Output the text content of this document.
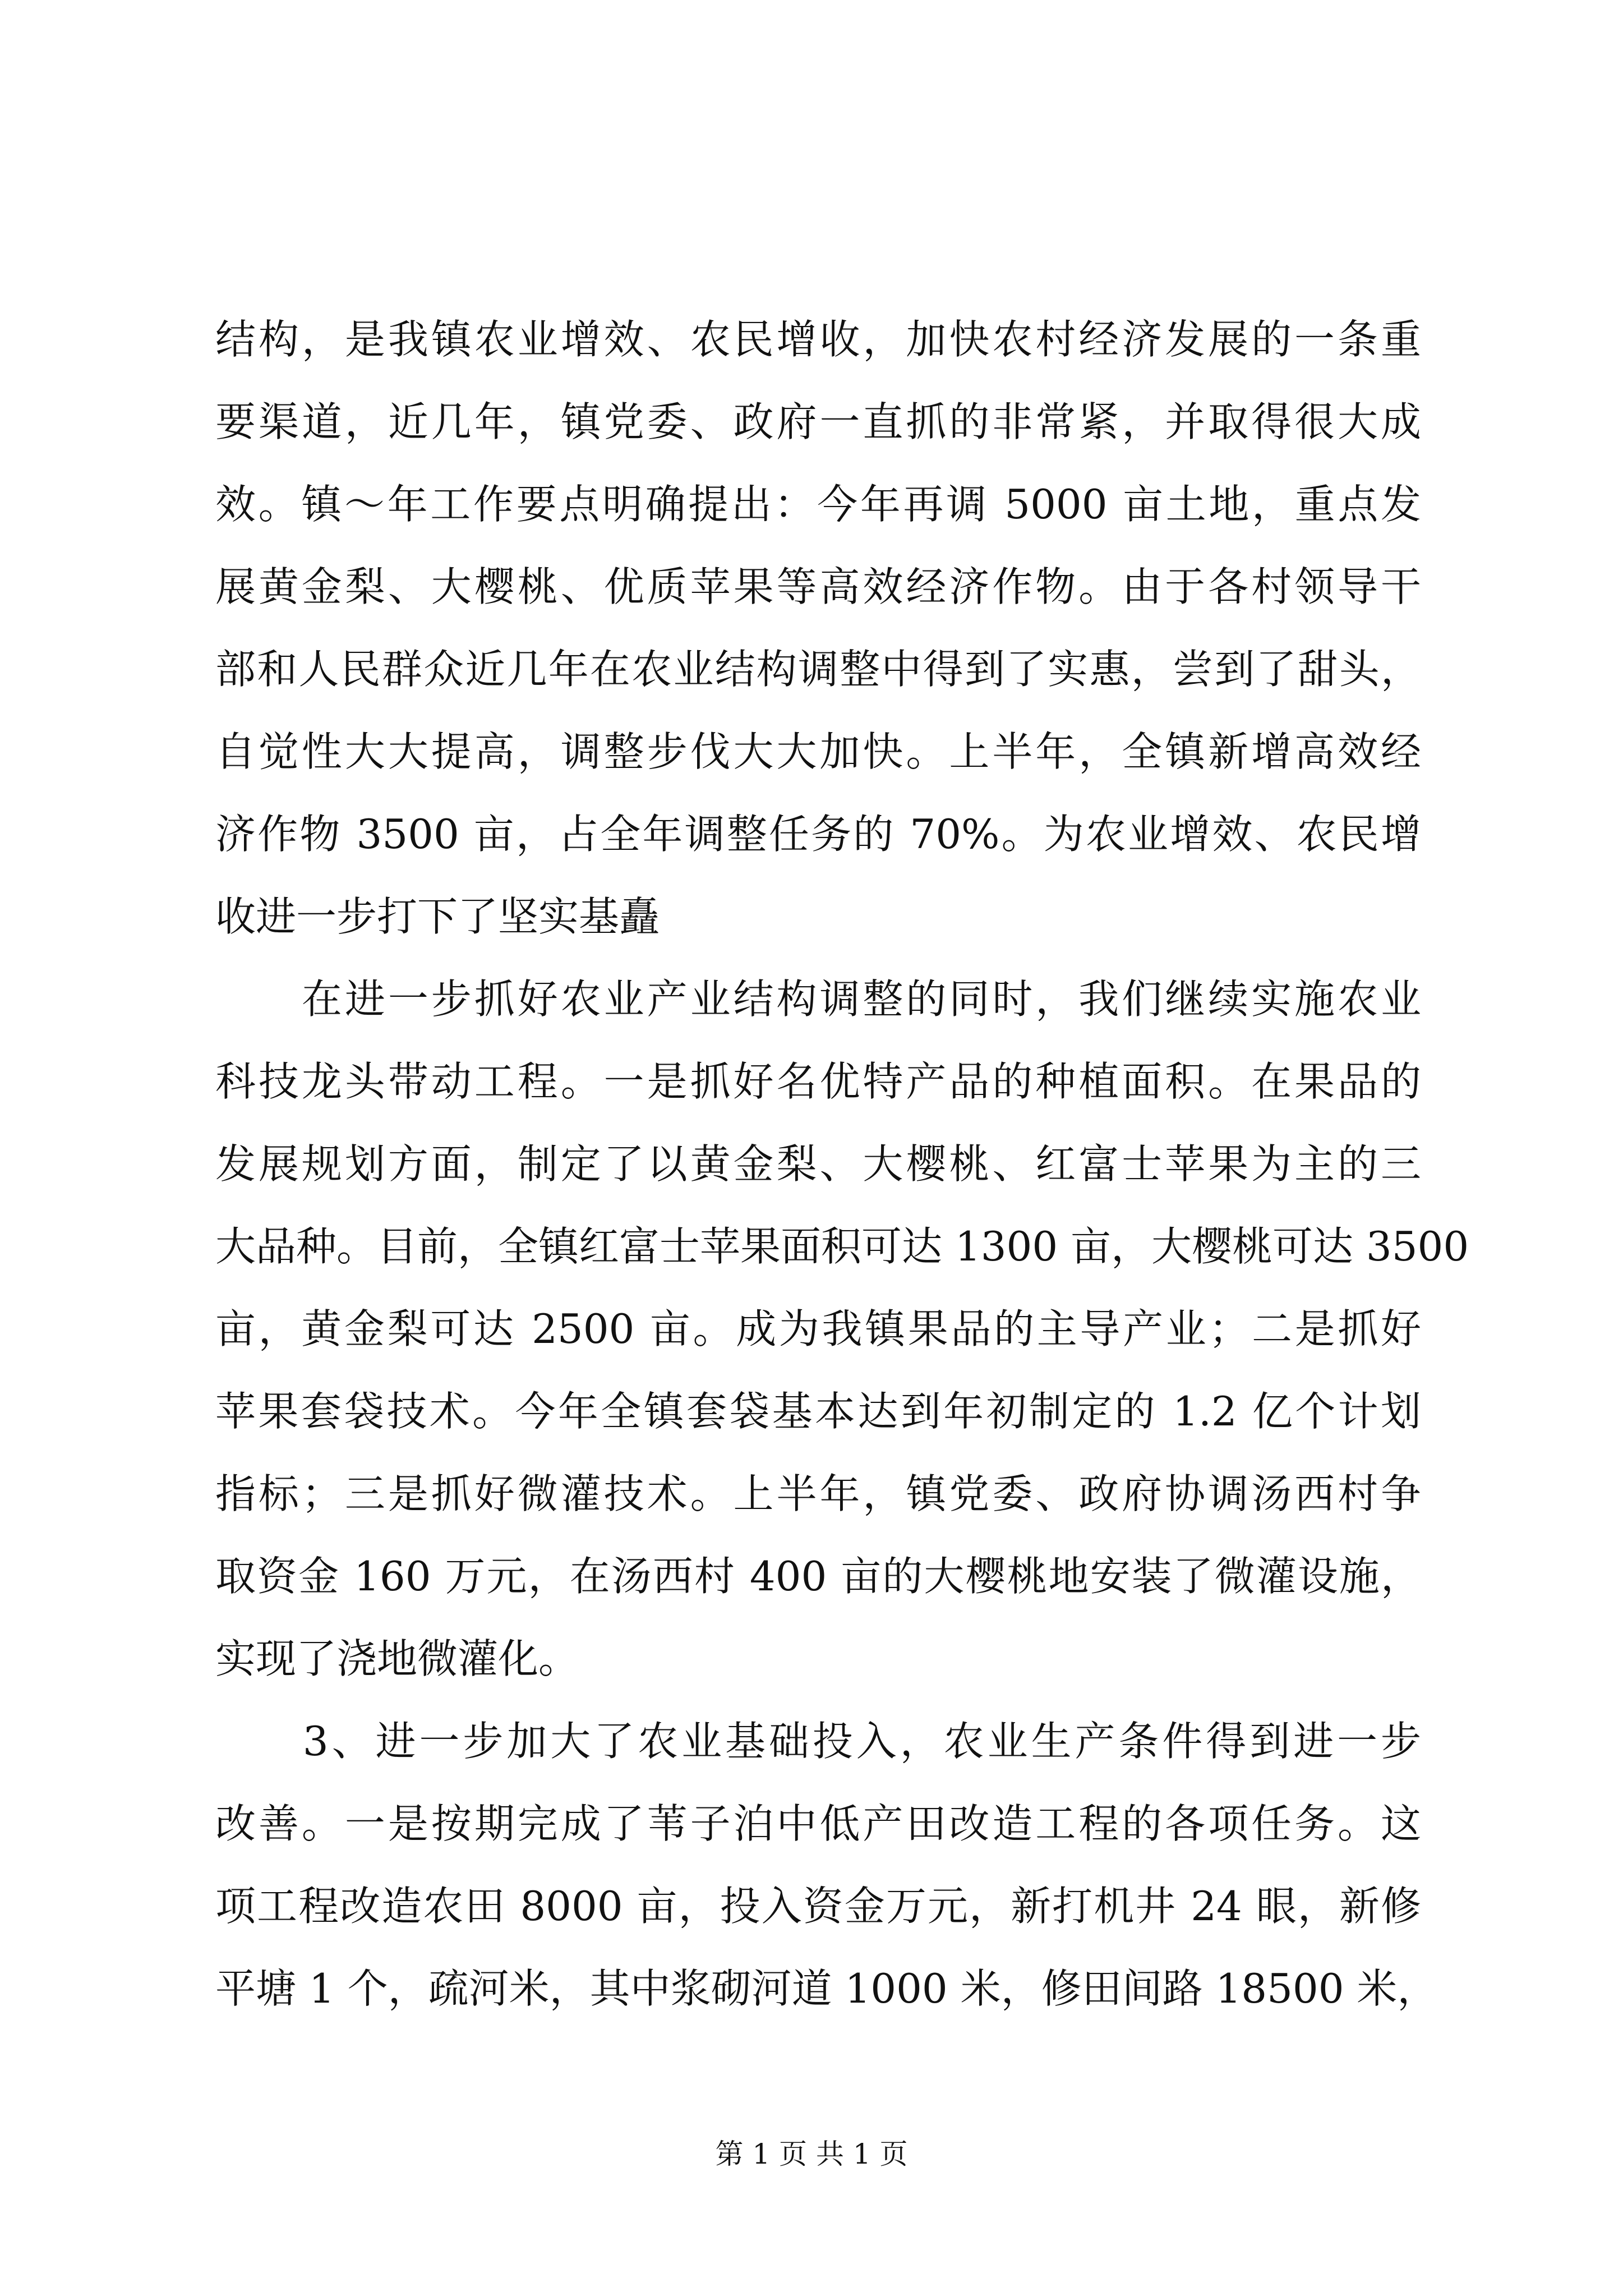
结构，是我镇农业增效、农民增收，加快农村经济发展的一条重
要渠道，近几年，镇党委、政府一直抓的非常紧，并取得很大成
效。镇～年工作要点明确提出：今年再调 5000 亩土地，重点发
展黄金梨、大樱桃、优质苹果等高效经济作物。由于各村领导干
部和人民群众近几年在农业结构调整中得到了实惠，尝到了甜头，
自觉性大大提高，调整步伐大大加快。上半年，全镇新增高效经
济作物 3500 亩，占全年调整任务的 70%。为农业增效、农民增
收进一步打下了坚实基矗
　　在进一步抓好农业产业结构调整的同时，我们继续实施农业
科技龙头带动工程。一是抓好名优特产品的种植面积。在果品的
发展规划方面，制定了以黄金梨、大樱桃、红富士苹果为主的三
大品种。目前，全镇红富士苹果面积可达 1300 亩，大樱桃可达 3500
亩，黄金梨可达 2500 亩。成为我镇果品的主导产业；二是抓好
苹果套袋技术。今年全镇套袋基本达到年初制定的 1.2 亿个计划
指标；三是抓好微灌技术。上半年，镇党委、政府协调汤西村争
取资金 160 万元，在汤西村 400 亩的大樱桃地安装了微灌设施，
实现了浇地微灌化。
　　3、进一步加大了农业基础投入，农业生产条件得到进一步
改善。一是按期完成了苇子泊中低产田改造工程的各项任务。这
项工程改造农田 8000 亩，投入资金万元，新打机井 24 眼，新修
平塘 1 个，疏河米，其中浆砌河道 1000 米，修田间路 18500 米，
第 1 页 共 1 页
